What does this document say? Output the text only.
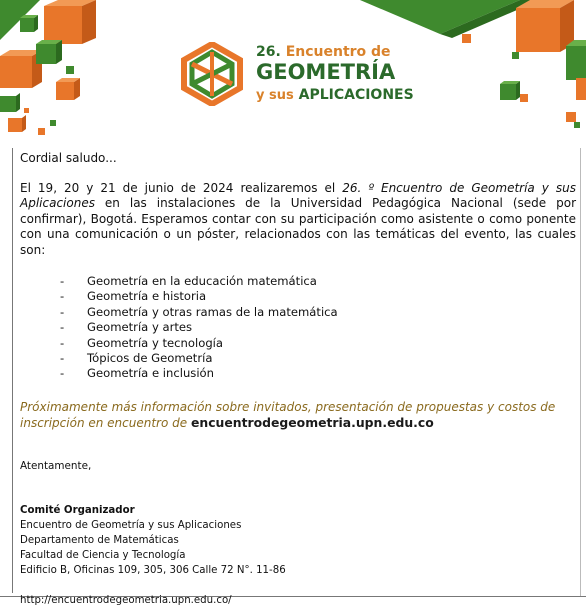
26. Encuentro de
GEOMETRÍA
y sus APLICACIONES

Cordial saludo...

El 19, 20 y 21 de junio de 2024 realizaremos el 26. º Encuentro de Geometría y sus Aplicaciones en las instalaciones de la Universidad Pedagógica Nacional (sede por confirmar), Bogotá. Esperamos contar con su participación como asistente o como ponente con una comunicación o un póster, relacionados con las temáticas del evento, las cuales son:
- Geometría en la educación matemática
- Geometría e historia
- Geometría y otras ramas de la matemática
- Geometría y artes
- Geometría y tecnología
- Tópicos de Geometría
- Geometría e inclusión
Próximamente más información sobre invitados, presentación de propuestas y costos de inscripción en encuentro de encuentrodegeometria.upn.edu.co
Atentamente,
Comité Organizador
Encuentro de Geometría y sus Aplicaciones
Departamento de Matemáticas
Facultad de Ciencia y Tecnología
Edificio B, Oficinas 109, 305, 306 Calle 72 N°. 11-86
http://encuentrodegeometria.upn.edu.co/
